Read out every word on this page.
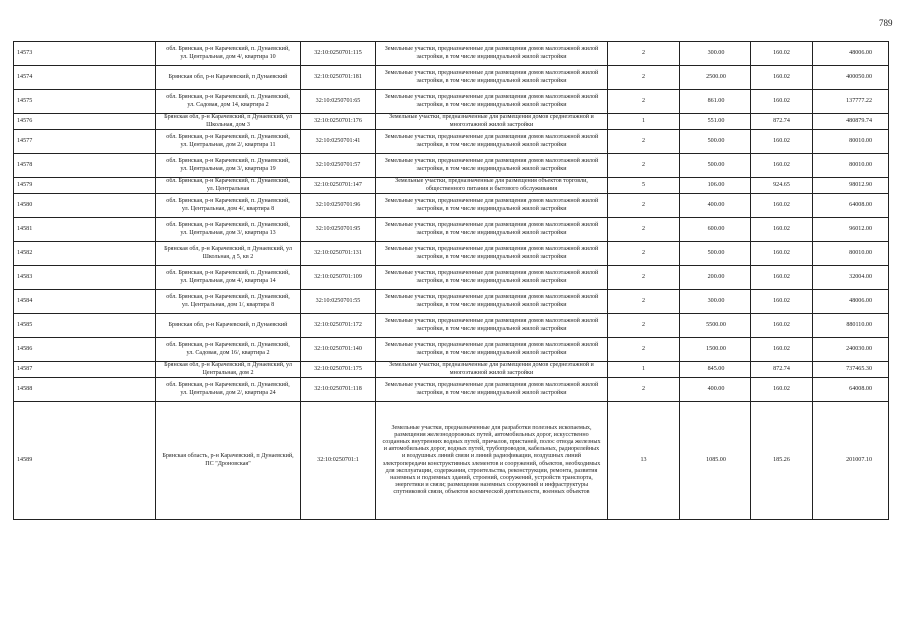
789
14573	обл. Брянская, р-н Карачевский, п. Дунаевский, ул. Центральная, дом 4/, квартира 10	32:10:0250701:115	Земельные участки, предназначенные для размещения домов малоэтажной жилой застройки, в том числе индивидуальной жилой застройки	2	300.00	160.02	48006.00
14574	Брянская обл, р-н Карачевский, п Дунаевский	32:10:0250701:181	Земельные участки, предназначенные для размещения домов малоэтажной жилой застройки, в том числе индивидуальной жилой застройки	2	2500.00	160.02	400050.00
14575	обл. Брянская, р-н Карачевский, п. Дунаевский, ул. Садовая, дом 14, квартира 2	32:10:0250701:65	Земельные участки, предназначенные для размещения домов малоэтажной жилой застройки, в том числе индивидуальной жилой застройки	2	861.00	160.02	137777.22
14576	Брянская обл, р-н Карачевский, п Дунаевский, ул Школьная, дом 3	32:10:0250701:176	Земельные участки, предназначенные для размещения домов среднеэтажной и многоэтажной жилой застройки	1	551.00	872.74	480879.74
14577	обл. Брянская, р-н Карачевский, п. Дунаевский, ул. Центральная, дом 2/, квартира 11	32:10:0250701:41	Земельные участки, предназначенные для размещения домов малоэтажной жилой застройки, в том числе индивидуальной жилой застройки	2	500.00	160.02	80010.00
14578	обл. Брянская, р-н Карачевский, п. Дунаевский, ул. Центральная, дом 3/, квартира 19	32:10:0250701:57	Земельные участки, предназначенные для размещения домов малоэтажной жилой застройки, в том числе индивидуальной жилой застройки	2	500.00	160.02	80010.00
14579	обл. Брянская, р-н Карачевский, п. Дунаевский, ул. Центральная	32:10:0250701:147	Земельные участки, предназначенные для размещения объектов торговли, общественного питания и бытового обслуживания	5	106.00	924.65	98012.90
14580	обл. Брянская, р-н Карачевский, п. Дунаевский, ул. Центральная, дом 4/, квартира 8	32:10:0250701:96	Земельные участки, предназначенные для размещения домов малоэтажной жилой застройки, в том числе индивидуальной жилой застройки	2	400.00	160.02	64008.00
14581	обл. Брянская, р-н Карачевский, п. Дунаевский, ул. Центральная, дом 3/, квартира 13	32:10:0250701:95	Земельные участки, предназначенные для размещения домов малоэтажной жилой застройки, в том числе индивидуальной жилой застройки	2	600.00	160.02	96012.00
14582	Брянская обл, р-н Карачевский, п Дунаевский, ул Школьная, д 5, кв 2	32:10:0250701:131	Земельные участки, предназначенные для размещения домов малоэтажной жилой застройки, в том числе индивидуальной жилой застройки	2	500.00	160.02	80010.00
14583	обл. Брянская, р-н Карачевский, п. Дунаевский, ул. Центральная, дом 4/, квартира 14	32:10:0250701:109	Земельные участки, предназначенные для размещения домов малоэтажной жилой застройки, в том числе индивидуальной жилой застройки	2	200.00	160.02	32004.00
14584	обл. Брянская, р-н Карачевский, п. Дунаевский, ул. Центральная, дом 1/, квартира 8	32:10:0250701:55	Земельные участки, предназначенные для размещения домов малоэтажной жилой застройки, в том числе индивидуальной жилой застройки	2	300.00	160.02	48006.00
14585	Брянская обл, р-н Карачевский, п Дунаевский	32:10:0250701:172	Земельные участки, предназначенные для размещения домов малоэтажной жилой застройки, в том числе индивидуальной жилой застройки	2	5500.00	160.02	880110.00
14586	обл. Брянская, р-н Карачевский, п. Дунаевский, ул. Садовая, дом 16/, квартира 2	32:10:0250701:140	Земельные участки, предназначенные для размещения домов малоэтажной жилой застройки, в том числе индивидуальной жилой застройки	2	1500.00	160.02	240030.00
14587	Брянская обл, р-н Карачевский, п Дунаевский, ул Центральная, дом 2	32:10:0250701:175	Земельные участки, предназначенные для размещения домов среднеэтажной и многоэтажной жилой застройки	1	845.00	872.74	737465.30
14588	обл. Брянская, р-н Карачевский, п. Дунаевский, ул. Центральная, дом 2/, квартира 24	32:10:0250701:118	Земельные участки, предназначенные для размещения домов малоэтажной жилой застройки, в том числе индивидуальной жилой застройки	2	400.00	160.02	64008.00
14589	Брянская область, р-н Карачевский, п Дунаевский, ПС "Дроновская"	32:10:0250701:1	Земельные участки, предназначенные для разработки полезных ископаемых, размещения железнодорожных путей, автомобильных дорог, искусственно созданных внутренних водных путей, причалов, пристаней, полос отвода железных и автомобильных дорог, водных путей, трубопроводов, кабельных, радиорелейных и воздушных линий связи и линий радиофикации, воздушных линий электропередачи конструктивных элементов и сооружений, объектов, необходимых для эксплуатации, содержания, строительства, реконструкции, ремонта, развития наземных и подземных зданий, строений, сооружений, устройств транспорта, энергетики и связи; размещения наземных сооружений и инфраструктуры спутниковой связи, объектов космической деятельности, военных объектов	13	1085.00	185.26	201007.10
